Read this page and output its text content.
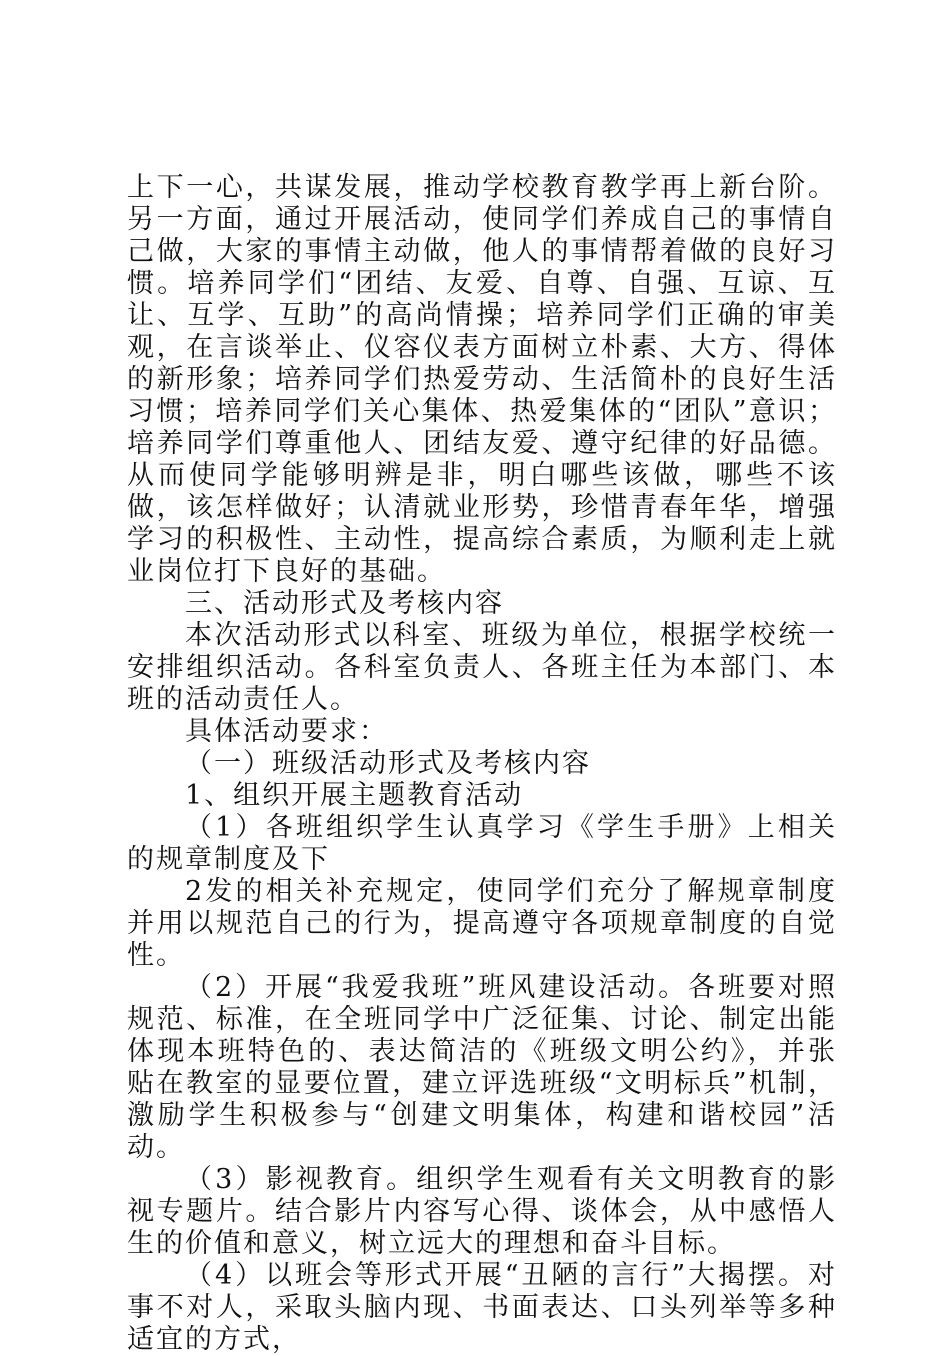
上下一心，共谋发展，推动学校教育教学再上新台阶。另一方面，通过开展活动，使同学们养成自己的事情自己做，大家的事情主动做，他人的事情帮着做的良好习惯。培养同学们“团结、友爱、自尊、自强、互谅、互让、互学、互助”的高尚情操；培养同学们正确的审美观，在言谈举止、仪容仪表方面树立朴素、大方、得体的新形象；培养同学们热爱劳动、生活简朴的良好生活习惯；培养同学们关心集体、热爱集体的“团队”意识；培养同学们尊重他人、团结友爱、遵守纪律的好品德。从而使同学能够明辨是非，明白哪些该做，哪些不该做，该怎样做好；认清就业形势，珍惜青春年华，增强学习的积极性、主动性，提高综合素质，为顺利走上就业岗位打下良好的基础。

三、活动形式及考核内容

本次活动形式以科室、班级为单位，根据学校统一安排组织活动。各科室负责人、各班主任为本部门、本班的活动责任人。

具体活动要求：

（一）班级活动形式及考核内容

1、组织开展主题教育活动

（1）各班组织学生认真学习《学生手册》上相关的规章制度及下

2发的相关补充规定，使同学们充分了解规章制度并用以规范自己的行为，提高遵守各项规章制度的自觉性。

（2）开展“我爱我班”班风建设活动。各班要对照规范、标准，在全班同学中广泛征集、讨论、制定出能体现本班特色的、表达简洁的《班级文明公约》，并张贴在教室的显要位置，建立评选班级“文明标兵”机制，激励学生积极参与“创建文明集体，构建和谐校园”活动。

（3）影视教育。组织学生观看有关文明教育的影视专题片。结合影片内容写心得、谈体会，从中感悟人生的价值和意义，树立远大的理想和奋斗目标。

（4）以班会等形式开展“丑陋的言行”大揭摆。对事不对人，采取头脑内现、书面表达、口头列举等多种适宜的方式，
